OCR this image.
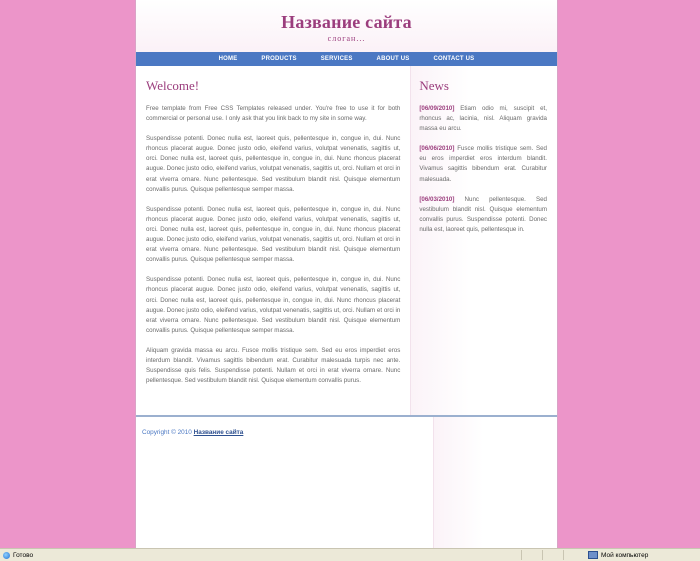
Название сайта
слоган...
HOME	PRODUCTS	SERVICES	ABOUT US	CONTACT US
Welcome!

Free template from Free CSS Templates released under. You're free to use it for both commercial or personal use. I only ask that you link back to my site in some way.

Suspendisse potenti. Donec nulla est, laoreet quis, pellentesque in, congue in, dui. Nunc rhoncus placerat augue. Donec justo odio, eleifend varius, volutpat venenatis, sagittis ut, orci. Donec nulla est, laoreet quis, pellentesque in, congue in, dui. Nunc rhoncus placerat augue. Donec justo odio, eleifend varius, volutpat venenatis, sagittis ut, orci. Nullam et orci in erat viverra ornare. Nunc pellentesque. Sed vestibulum blandit nisl. Quisque elementum convallis purus. Quisque pellentesque semper massa.

Suspendisse potenti. Donec nulla est, laoreet quis, pellentesque in, congue in, dui. Nunc rhoncus placerat augue. Donec justo odio, eleifend varius, volutpat venenatis, sagittis ut, orci. Donec nulla est, laoreet quis, pellentesque in, congue in, dui. Nunc rhoncus placerat augue. Donec justo odio, eleifend varius, volutpat venenatis, sagittis ut, orci. Nullam et orci in erat viverra ornare. Nunc pellentesque. Sed vestibulum blandit nisl. Quisque elementum convallis purus. Quisque pellentesque semper massa.

Suspendisse potenti. Donec nulla est, laoreet quis, pellentesque in, congue in, dui. Nunc rhoncus placerat augue. Donec justo odio, eleifend varius, volutpat venenatis, sagittis ut, orci. Donec nulla est, laoreet quis, pellentesque in, congue in, dui. Nunc rhoncus placerat augue. Donec justo odio, eleifend varius, volutpat venenatis, sagittis ut, orci. Nullam et orci in erat viverra ornare. Nunc pellentesque. Sed vestibulum blandit nisl. Quisque elementum convallis purus. Quisque pellentesque semper massa.

Aliquam gravida massa eu arcu. Fusce mollis tristique sem. Sed eu eros imperdiet eros interdum blandit. Vivamus sagittis bibendum erat. Curabitur malesuada turpis nec ante. Suspendisse quis felis. Suspendisse potenti. Nullam et orci in erat viverra ornare. Nunc pellentesque. Sed vestibulum blandit nisl. Quisque elementum convallis purus.

News

[06/09/2010] Etiam odio mi, suscipit et, rhoncus ac, lacinia, nisl. Aliquam gravida massa eu arcu.

[06/06/2010] Fusce mollis tristique sem. Sed eu eros imperdiet eros interdum blandit. Vivamus sagittis bibendum erat. Curabitur malesuada.

[06/03/2010] Nunc pellentesque. Sed vestibulum blandit nisl. Quisque elementum convallis purus. Suspendisse potenti. Donec nulla est, laoreet quis, pellentesque in.

Copyright © 2010 Название сайта
Готово	Мой компьютер
